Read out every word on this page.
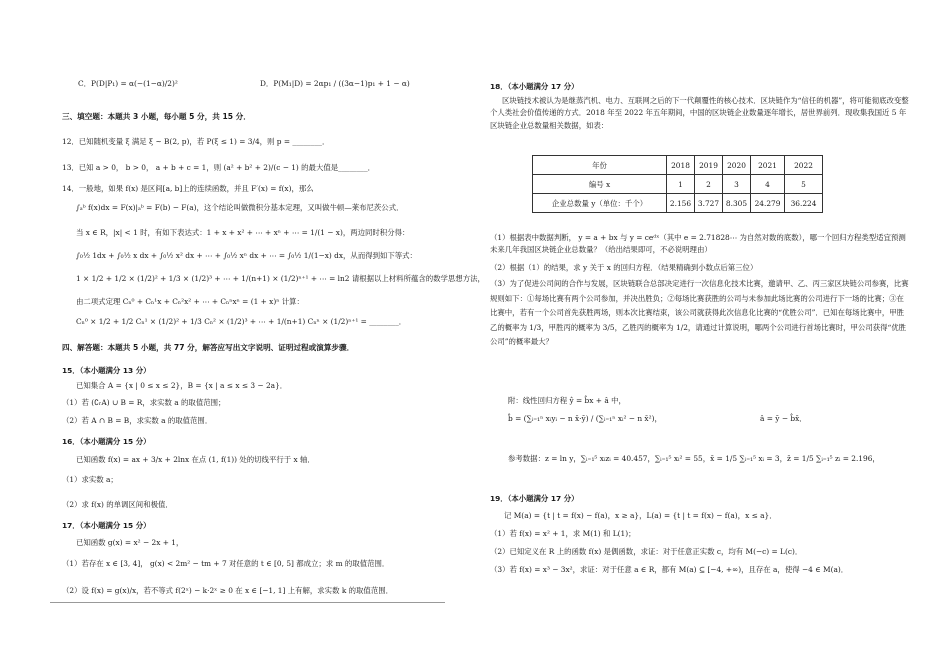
C．P(D|P₁) = α(−(1−α)/2)²	D．P(M₁|D) = 2αp₁ / ((3α−1)p₁ + 1 − α)
三、填空题：本题共 3 小题，每小题 5 分，共 15 分．
12．已知随机变量 ξ 满足 ξ ~ B(2, p)，若 P(ξ ≤ 1) = 3/4，则 p = ________．
13．已知 a > 0， b > 0， a + b + c = 1，则 (a² + b² + 2)/(c − 1) 的最大值是________．
14．一般地，如果 f(x) 是区间[a, b]上的连续函数，并且 F′(x) = f(x)，那么
∫ₐᵇ f(x)dx = F(x)|ₐᵇ = F(b) − F(a)，这个结论叫做微积分基本定理，又叫做牛顿—莱布尼茨公式．
当 x ∈ R，|x| < 1 时，有如下表达式：1 + x + x² + ⋯ + xⁿ + ⋯ = 1/(1 − x)，两边同时积分得：
∫₀½ 1dx + ∫₀½ x dx + ∫₀½ x² dx + ⋯ + ∫₀½ xⁿ dx + ⋯ = ∫₀½ 1/(1−x) dx，从而得到如下等式：
1 × 1/2 + 1/2 × (1/2)² + 1/3 × (1/2)³ + ⋯ + 1/(n+1) × (1/2)ⁿ⁺¹ + ⋯ = ln2 请根据以上材料所蕴含的数学思想方法，
由二项式定理 Cₙ⁰ + Cₙ¹x + Cₙ²x² + ⋯ + Cₙⁿxⁿ = (1 + x)ⁿ 计算：
Cₙ⁰ × 1/2 + 1/2 Cₙ¹ × (1/2)² + 1/3 Cₙ² × (1/2)³ + ⋯ + 1/(n+1) Cₙⁿ × (1/2)ⁿ⁺¹ = ________．
四、解答题：本题共 5 小题，共 77 分，解答应写出文字说明、证明过程或演算步骤．
15．（本小题满分 13 分）
已知集合 A = {x | 0 ≤ x ≤ 2}，B = {x | a ≤ x ≤ 3 − 2a}．
（1）若 (∁ᵣA) ∪ B = R，求实数 a 的取值范围；
（2）若 A ∩ B = B，求实数 a 的取值范围．
16．（本小题满分 15 分）
已知函数 f(x) = ax + 3/x + 2lnx 在点 (1, f(1)) 处的切线平行于 x 轴．
（1）求实数 a；
（2）求 f(x) 的单调区间和极值．
17．（本小题满分 15 分）
已知函数 g(x) = x² − 2x + 1，
（1）若存在 x ∈ [3, 4]， g(x) < 2m² − tm + 7 对任意的 t ∈ [0, 5] 都成立；求 m 的取值范围．
（2）设 f(x) = g(x)/x，若不等式 f(2ˣ) − k·2ˣ ≥ 0 在 x ∈ [−1, 1] 上有解，求实数 k 的取值范围．
18．（本小题满分 17 分）
区块链技术被认为是继蒸汽机、电力、互联网之后的下一代颠覆性的核心技术．区块链作为“信任的机器”，将可能彻底改变整个人类社会价值传递的方式．2018 年至 2022 年五年期间，中国的区块链企业数量逐年增长，居世界前列．现收集我国近 5 年区块链企业总数量相关数据，如表：
年份	2018	2019	2020	2021	2022
编号 x	1	2	3	4	5
企业总数量 y（单位：千个）	2.156	3.727	8.305	24.279	36.224
（1）根据表中数据判断， y = a + bx 与 y = ceᵈˣ（其中 e = 2.71828⋯ 为自然对数的底数），哪一个回归方程类型适宜预测未来几年我国区块链企业总数量？（给出结果即可，不必说明理由）
（2）根据（1）的结果，求 y 关于 x 的回归方程．（结果精确到小数点后第三位）
（3）为了促进公司间的合作与发展，区块链联合总部决定进行一次信息化技术比赛，邀请甲、乙、丙三家区块链公司参赛，比赛规则如下：①每场比赛有两个公司参加，并决出胜负；②每场比赛获胜的公司与未参加此场比赛的公司进行下一场的比赛；③在比赛中，若有一个公司首先获胜两场，则本次比赛结束，该公司就获得此次信息化比赛的“优胜公司”．已知在每场比赛中，甲胜乙的概率为 1/3，甲胜丙的概率为 3/5，乙胜丙的概率为 1/2，请通过计算说明，哪两个公司进行首场比赛时，甲公司获得“优胜公司”的概率最大？
附：线性回归方程 ŷ = b̂x + â 中，
b̂ = (∑ᵢ₌₁ⁿ xᵢyᵢ − n x̄·ȳ) / (∑ᵢ₌₁ⁿ xᵢ² − n x̄²)，	â = ȳ − b̂x̄．
参考数据：z = ln y，∑ᵢ₌₁⁵ xᵢzᵢ = 40.457，∑ᵢ₌₁⁵ xᵢ² = 55，x̄ = 1/5 ∑ᵢ₌₁⁵ xᵢ = 3，z̄ = 1/5 ∑ᵢ₌₁⁵ zᵢ = 2.196，
19．（本小题满分 17 分）
记 M(a) = {t | t = f(x) − f(a)，x ≥ a}，L(a) = {t | t = f(x) − f(a)，x ≤ a}．
（1）若 f(x) = x² + 1，求 M(1) 和 L(1)；
（2）已知定义在 R 上的函数 f(x) 是偶函数，求证：对于任意正实数 c，均有 M(−c) = L(c)．
（3）若 f(x) = x³ − 3x²，求证：对于任意 a ∈ R，都有 M(a) ⊆ [−4, +∞)，且存在 a，使得 −4 ∈ M(a)．
